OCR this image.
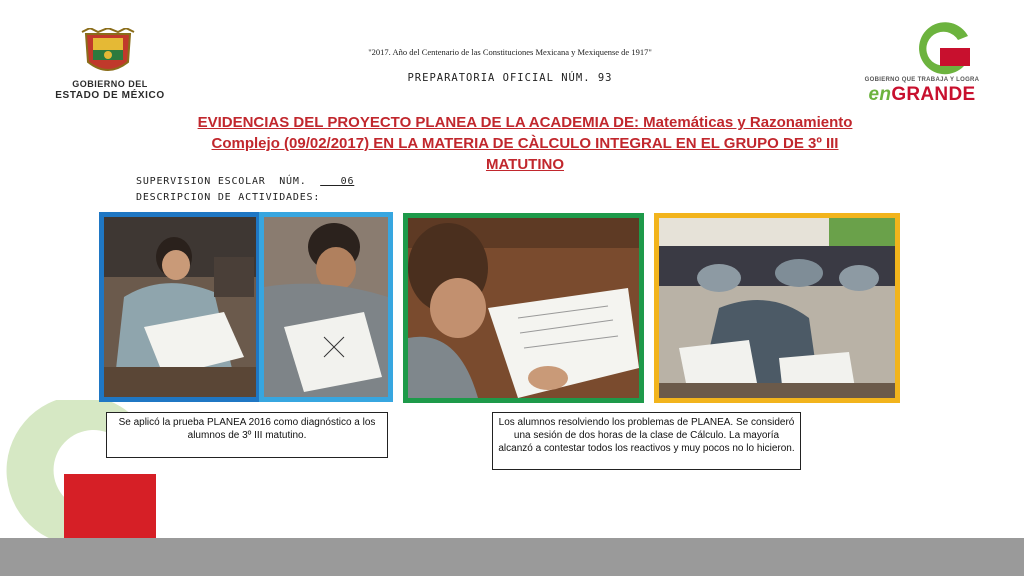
GOBIERNO DEL
ESTADO DE MÉXICO
GOBIERNO QUE TRABAJA Y LOGRA
enGRANDE
"2017. Año del Centenario de las Constituciones Mexicana y Mexiquense de 1917"
PREPARATORIA OFICIAL NÚM. 93
EVIDENCIAS DEL PROYECTO PLANEA DE LA ACADEMIA DE: Matemáticas y Razonamiento Complejo (09/02/2017) EN LA MATERIA DE CÀLCULO INTEGRAL EN EL GRUPO DE 3º III MATUTINO
SUPERVISION ESCOLAR  NÚM.     06
DESCRIPCION DE ACTIVIDADES:
Se aplicó la prueba PLANEA 2016 como diagnóstico a los alumnos de 3º III matutino.
Los alumnos resolviendo los problemas de PLANEA. Se consideró una sesión de dos horas de la clase de Cálculo. La mayoría alcanzó a contestar todos los reactivos y muy pocos no lo hicieron.
